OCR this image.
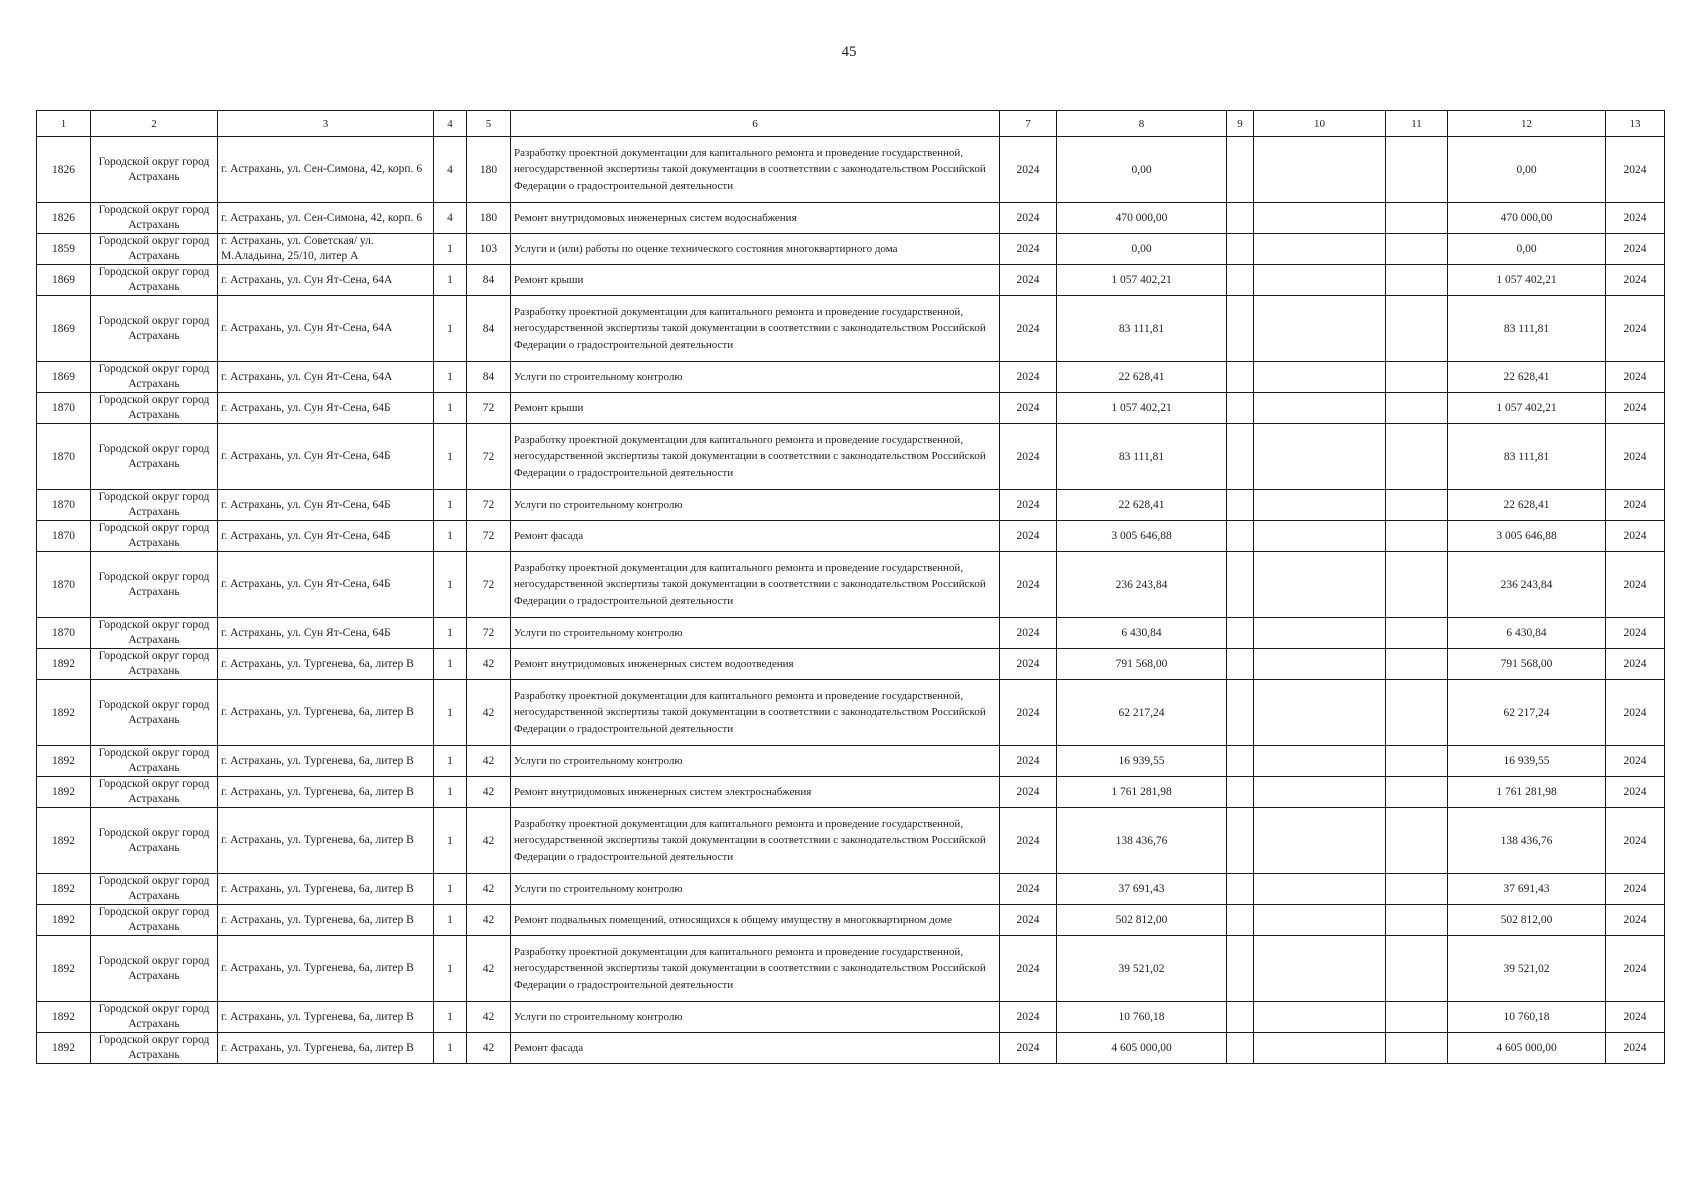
45
1	2	3	4	5	6	7	8	9	10	11	12	13
1826	Городской округ город Астрахань	г. Астрахань, ул. Сен-Симона, 42, корп. 6	4	180	Разработку проектной документации для капитального ремонта и проведение государственной, негосударственной экспертизы такой документации в соответствии с законодательством Российской Федерации о градостроительной деятельности	2024	0,00				0,00	2024
1826	Городской округ город Астрахань	г. Астрахань, ул. Сен-Симона, 42, корп. 6	4	180	Ремонт внутридомовых инженерных систем водоснабжения	2024	470 000,00				470 000,00	2024
1859	Городской округ город Астрахань	г. Астрахань, ул. Советская/ ул. М.Аладьина, 25/10, литер А	1	103	Услуги и (или) работы по оценке технического состояния многоквартирного дома	2024	0,00				0,00	2024
1869	Городской округ город Астрахань	г. Астрахань, ул. Сун Ят-Сена, 64А	1	84	Ремонт крыши	2024	1 057 402,21				1 057 402,21	2024
1869	Городской округ город Астрахань	г. Астрахань, ул. Сун Ят-Сена, 64А	1	84	Разработку проектной документации для капитального ремонта и проведение государственной, негосударственной экспертизы такой документации в соответствии с законодательством Российской Федерации о градостроительной деятельности	2024	83 111,81				83 111,81	2024
1869	Городской округ город Астрахань	г. Астрахань, ул. Сун Ят-Сена, 64А	1	84	Услуги по строительному контролю	2024	22 628,41				22 628,41	2024
1870	Городской округ город Астрахань	г. Астрахань, ул. Сун Ят-Сена, 64Б	1	72	Ремонт крыши	2024	1 057 402,21				1 057 402,21	2024
1870	Городской округ город Астрахань	г. Астрахань, ул. Сун Ят-Сена, 64Б	1	72	Разработку проектной документации для капитального ремонта и проведение государственной, негосударственной экспертизы такой документации в соответствии с законодательством Российской Федерации о градостроительной деятельности	2024	83 111,81				83 111,81	2024
1870	Городской округ город Астрахань	г. Астрахань, ул. Сун Ят-Сена, 64Б	1	72	Услуги по строительному контролю	2024	22 628,41				22 628,41	2024
1870	Городской округ город Астрахань	г. Астрахань, ул. Сун Ят-Сена, 64Б	1	72	Ремонт фасада	2024	3 005 646,88				3 005 646,88	2024
1870	Городской округ город Астрахань	г. Астрахань, ул. Сун Ят-Сена, 64Б	1	72	Разработку проектной документации для капитального ремонта и проведение государственной, негосударственной экспертизы такой документации в соответствии с законодательством Российской Федерации о градостроительной деятельности	2024	236 243,84				236 243,84	2024
1870	Городской округ город Астрахань	г. Астрахань, ул. Сун Ят-Сена, 64Б	1	72	Услуги по строительному контролю	2024	6 430,84				6 430,84	2024
1892	Городской округ город Астрахань	г. Астрахань, ул. Тургенева, 6а, литер В	1	42	Ремонт внутридомовых инженерных систем водоотведения	2024	791 568,00				791 568,00	2024
1892	Городской округ город Астрахань	г. Астрахань, ул. Тургенева, 6а, литер В	1	42	Разработку проектной документации для капитального ремонта и проведение государственной, негосударственной экспертизы такой документации в соответствии с законодательством Российской Федерации о градостроительной деятельности	2024	62 217,24				62 217,24	2024
1892	Городской округ город Астрахань	г. Астрахань, ул. Тургенева, 6а, литер В	1	42	Услуги по строительному контролю	2024	16 939,55				16 939,55	2024
1892	Городской округ город Астрахань	г. Астрахань, ул. Тургенева, 6а, литер В	1	42	Ремонт внутридомовых инженерных систем электроснабжения	2024	1 761 281,98				1 761 281,98	2024
1892	Городской округ город Астрахань	г. Астрахань, ул. Тургенева, 6а, литер В	1	42	Разработку проектной документации для капитального ремонта и проведение государственной, негосударственной экспертизы такой документации в соответствии с законодательством Российской Федерации о градостроительной деятельности	2024	138 436,76				138 436,76	2024
1892	Городской округ город Астрахань	г. Астрахань, ул. Тургенева, 6а, литер В	1	42	Услуги по строительному контролю	2024	37 691,43				37 691,43	2024
1892	Городской округ город Астрахань	г. Астрахань, ул. Тургенева, 6а, литер В	1	42	Ремонт подвальных помещений, относящихся к общему имуществу в многоквартирном доме	2024	502 812,00				502 812,00	2024
1892	Городской округ город Астрахань	г. Астрахань, ул. Тургенева, 6а, литер В	1	42	Разработку проектной документации для капитального ремонта и проведение государственной, негосударственной экспертизы такой документации в соответствии с законодательством Российской Федерации о градостроительной деятельности	2024	39 521,02				39 521,02	2024
1892	Городской округ город Астрахань	г. Астрахань, ул. Тургенева, 6а, литер В	1	42	Услуги по строительному контролю	2024	10 760,18				10 760,18	2024
1892	Городской округ город Астрахань	г. Астрахань, ул. Тургенева, 6а, литер В	1	42	Ремонт фасада	2024	4 605 000,00				4 605 000,00	2024
